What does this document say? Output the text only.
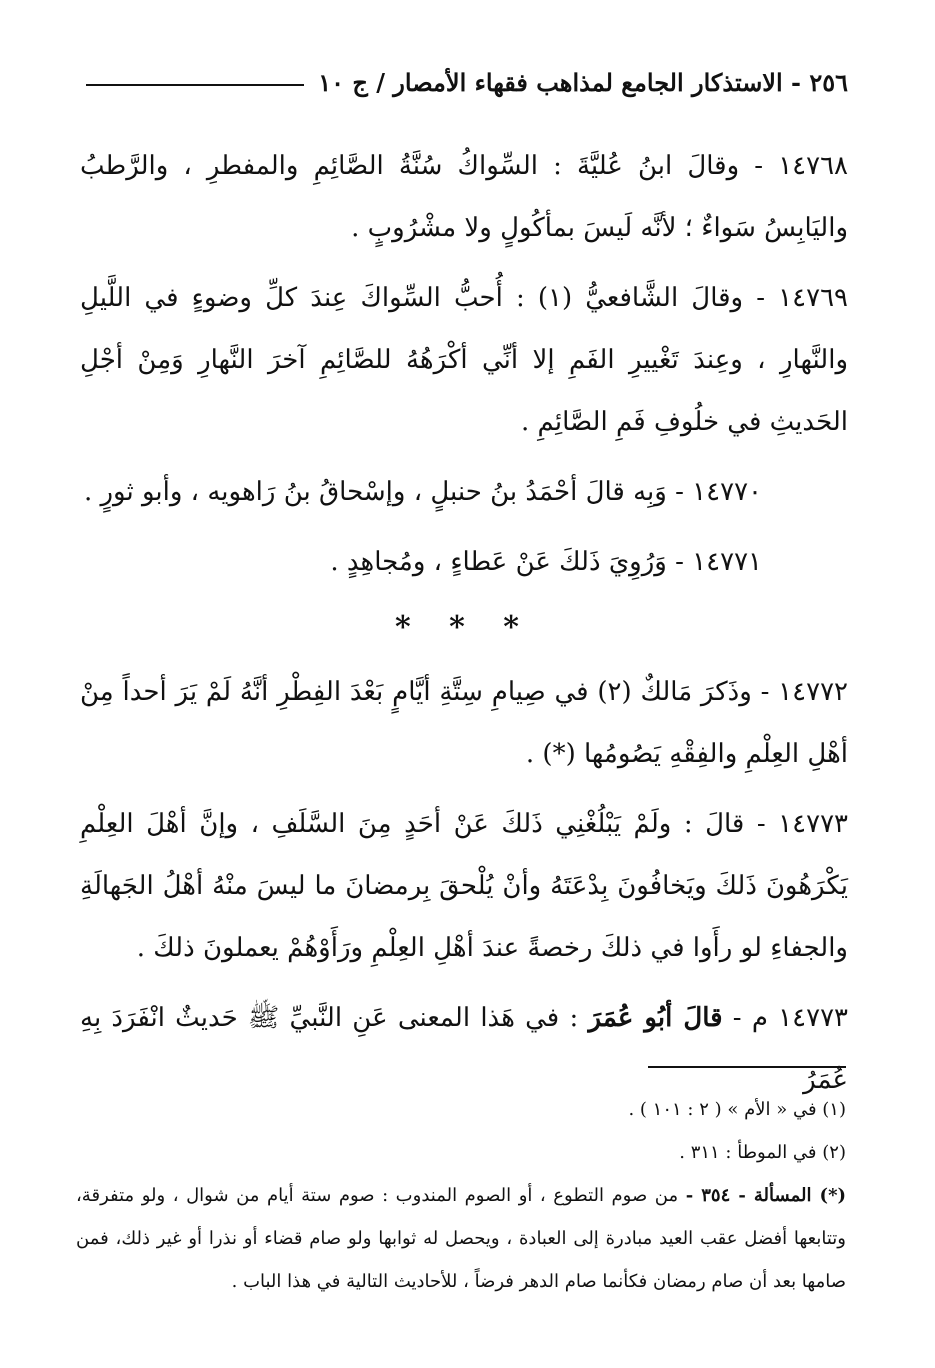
٢٥٦ - الاستذكار الجامع لمذاهب فقهاء الأمصار / ج ١٠

١٤٧٦٨ - وقالَ ابنُ عُليَّةَ : السِّواكُ سُنَّةُ الصَّائِمِ والمفطرِ ، والرَّطبُ واليَابِسُ سَواءٌ ؛ لأنَّه لَيسَ بمأكُولٍ ولا مشْرُوبٍ .

١٤٧٦٩ - وقالَ الشَّافعيُّ (١) : أُحبُّ السِّواكَ عِندَ كلِّ وضوءٍ في اللَّيلِ والنَّهارِ ، وعِندَ تَغْييرِ الفَمِ إلا أنِّي أكْرَهُهُ للصَّائِمِ آخرَ النَّهارِ وَمِنْ أجْلِ الحَديثِ في خلُوفِ فَمِ الصَّائِمِ .

١٤٧٧٠ - وَبِه قالَ أحْمَدُ بنُ حنبلٍ ، وإسْحاقُ بنُ رَاهويه ، وأبو ثورٍ .

١٤٧٧١ - وَرُوِيَ ذَلكَ عَنْ عَطاءٍ ، ومُجاهِدٍ .

* * *

١٤٧٧٢ - وذَكرَ مَالكٌ (٢) في صِيامِ سِتَّةِ أيَّامٍ بَعْدَ الفِطْرِ أنَّهُ لَمْ يَرَ أحداً مِنْ أهْلِ العِلْمِ والفِقْهِ يَصُومُها (*) .

١٤٧٧٣ - قالَ : ولَمْ يَبْلُغْنِي ذَلكَ عَنْ أحَدٍ مِنَ السَّلَفِ ، وإنَّ أهْلَ العِلْمِ يَكْرَهُونَ ذَلكَ ويَخافُونَ بِدْعَتَهُ وأنْ يُلْحقَ بِرمضانَ ما ليسَ منْهُ أهْلُ الجَهالَةِ والجفاءِ لو رأَوا في ذلكَ رخصةً عندَ أهْلِ العِلْمِ ورَأَوْهُمْ يعملونَ ذلكَ .

١٤٧٧٣ م - قالَ أبُو عُمَرَ : في هَذا المعنى عَنِ النَّبيِّ ﷺ حَديثٌ انْفَرَدَ بِهِ عُمَرُ

(١) في « الأم » ( ٢ : ١٠١ ) .

(٢) في الموطأ : ٣١١ .

(*) المسألة - ٣٥٤ - من صوم التطوع ، أو الصوم المندوب : صوم ستة أيام من شوال ، ولو متفرقة، وتتابعها أفضل عقب العيد مبادرة إلى العبادة ، ويحصل له ثوابها ولو صام قضاء أو نذرا أو غير ذلك، فمن صامها بعد أن صام رمضان فكأنما صام الدهر فرضاً ، للأحاديث التالية في هذا الباب .
